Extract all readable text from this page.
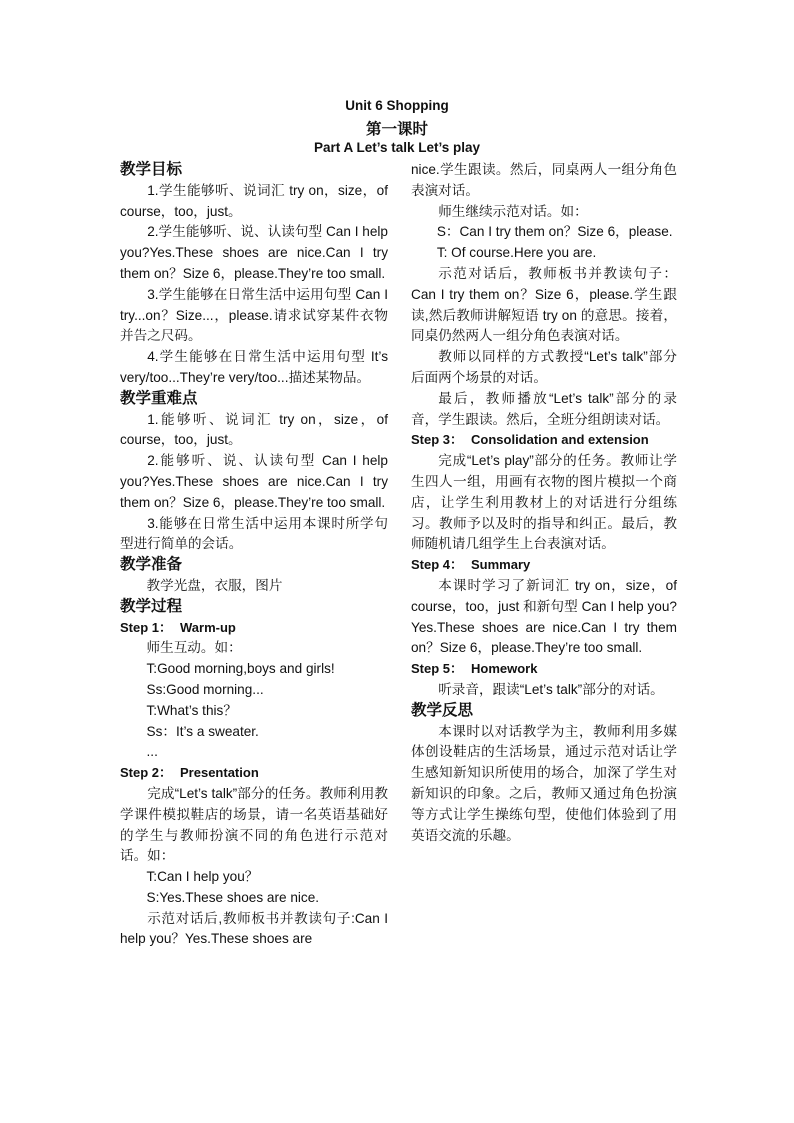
Unit 6 Shopping
第一课时
Part A Let’s talk Let’s play
教学目标

1.学生能够听、说词汇 try on，size，of course，too，just。

2.学生能够听、说、认读句型 Can I help you?Yes.These shoes are nice.Can I try them on？Size 6，please.They’re too small.

3.学生能够在日常生活中运用句型 Can I try...on？Size...，please.请求试穿某件衣物并告之尺码。

4.学生能够在日常生活中运用句型 It’s very/too...They’re very/too...描述某物品。

教学重难点

1.能够听、说词汇 try on，size，of course，too，just。

2.能够听、说、认读句型 Can I help you?Yes.These shoes are nice.Can I try them on？Size 6，please.They’re too small.

3.能够在日常生活中运用本课时所学句型进行简单的会话。

教学准备

教学光盘，衣服，图片

教学过程
Step 1： Warm-up

师生互动。如：

T:Good morning,boys and girls!

Ss:Good morning...

T:What’s this？

Ss：It’s a sweater.

...

Step 2： Presentation

完成“Let’s talk”部分的任务。教师利用教学课件模拟鞋店的场景，请一名英语基础好的学生与教师扮演不同的角色进行示范对话。如：

T:Can I help you？

S:Yes.These shoes are nice.

示范对话后,教师板书并教读句子:Can I help you？Yes.These shoes are

nice.学生跟读。然后，同桌两人一组分角色表演对话。

师生继续示范对话。如：

S：Can I try them on？Size 6，please.

T: Of course.Here you are.

示范对话后，教师板书并教读句子：Can I try them on？Size 6，please.学生跟读,然后教师讲解短语 try on 的意思。接着，同桌仍然两人一组分角色表演对话。

教师以同样的方式教授“Let’s talk”部分后面两个场景的对话。

最后，教师播放“Let’s talk”部分的录音，学生跟读。然后，全班分组朗读对话。

Step 3： Consolidation and extension

完成“Let’s play”部分的任务。教师让学生四人一组，用画有衣物的图片模拟一个商店，让学生利用教材上的对话进行分组练习。教师予以及时的指导和纠正。最后，教师随机请几组学生上台表演对话。

Step 4： Summary

本课时学习了新词汇 try on，size，of course，too，just 和新句型 Can I help you?Yes.These shoes are nice.Can I try them on？Size 6，please.They’re too small.

Step 5： Homework

听录音，跟读“Let’s talk”部分的对话。

教学反思

本课时以对话教学为主，教师利用多媒体创设鞋店的生活场景，通过示范对话让学生感知新知识所使用的场合，加深了学生对新知识的印象。之后，教师又通过角色扮演等方式让学生操练句型，使他们体验到了用英语交流的乐趣。
